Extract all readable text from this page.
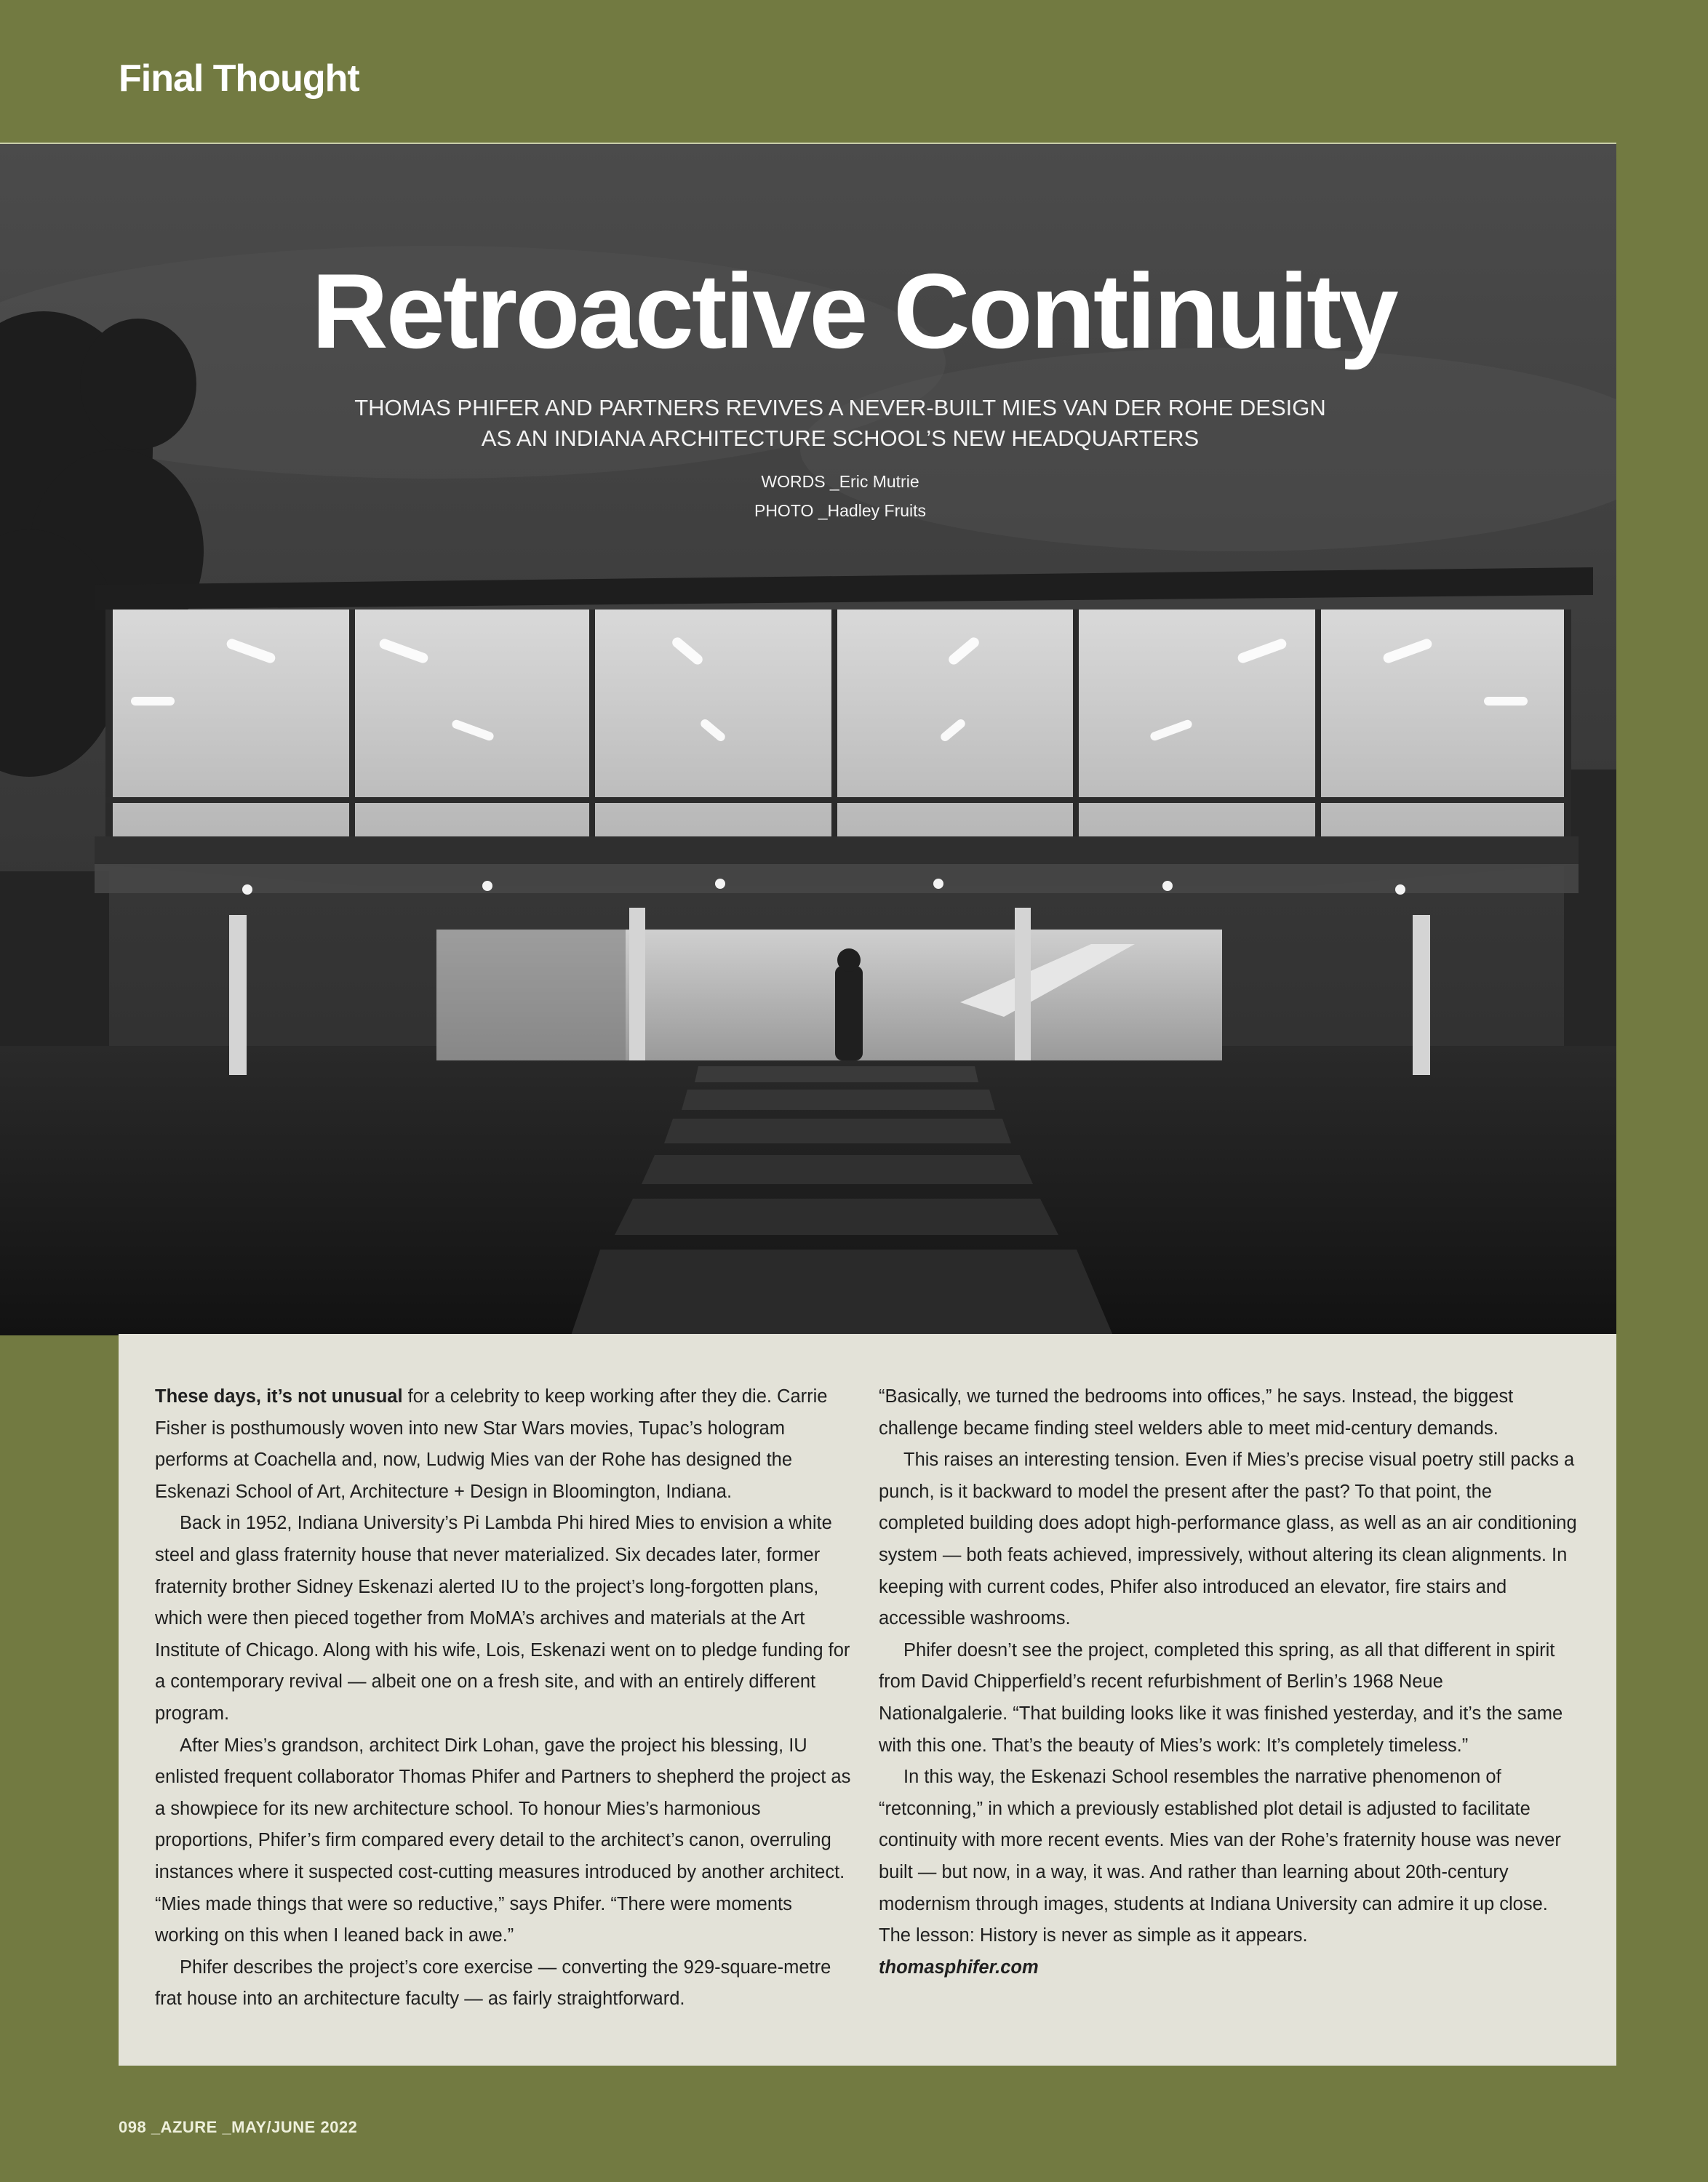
Final Thought
Retroactive Continuity
THOMAS PHIFER AND PARTNERS REVIVES A NEVER-BUILT MIES VAN DER ROHE DESIGN
AS AN INDIANA ARCHITECTURE SCHOOL’S NEW HEADQUARTERS
WORDS _Eric Mutrie
PHOTO _Hadley Fruits

These days, it’s not unusual for a celebrity to keep working after they die. Carrie Fisher is posthumously woven into new Star Wars movies, Tupac’s hologram performs at Coachella and, now, Ludwig Mies van der Rohe has designed the Eskenazi School of Art, Architecture + Design in Bloomington, Indiana.

Back in 1952, Indiana University’s Pi Lambda Phi hired Mies to envision a white steel and glass fraternity house that never materialized. Six decades later, former fraternity brother Sidney Eskenazi alerted IU to the project’s long-forgotten plans, which were then pieced together from MoMA’s archives and materials at the Art Institute of Chicago. Along with his wife, Lois, Eskenazi went on to pledge funding for a contemporary revival — albeit one on a fresh site, and with an entirely different program.

After Mies’s grandson, architect Dirk Lohan, gave the project his blessing, IU enlisted frequent collaborator Thomas Phifer and Partners to shepherd the project as a showpiece for its new architecture school. To honour Mies’s harmonious proportions, Phifer’s firm compared every detail to the architect’s canon, overruling instances where it suspected cost-cutting measures introduced by another architect. “Mies made things that were so reductive,” says Phifer. “There were moments working on this when I leaned back in awe.”

Phifer describes the project’s core exercise — converting the 929-square-metre frat house into an architecture faculty — as fairly straightforward.

“Basically, we turned the bedrooms into offices,” he says. Instead, the biggest challenge became finding steel welders able to meet mid-century demands.

This raises an interesting tension. Even if Mies’s precise visual poetry still packs a punch, is it backward to model the present after the past? To that point, the completed building does adopt high-performance glass, as well as an air conditioning system — both feats achieved, impressively, without altering its clean alignments. In keeping with current codes, Phifer also introduced an elevator, fire stairs and accessible washrooms.

Phifer doesn’t see the project, completed this spring, as all that different in spirit from David Chipperfield’s recent refurbishment of Berlin’s 1968 Neue Nationalgalerie. “That building looks like it was finished yesterday, and it’s the same with this one. That’s the beauty of Mies’s work: It’s completely timeless.”

In this way, the Eskenazi School resembles the narrative phenomenon of “retconning,” in which a previously established plot detail is adjusted to facilitate continuity with more recent events. Mies van der Rohe’s fraternity house was never built — but now, in a way, it was. And rather than learning about 20th-century modernism through images, students at Indiana University can admire it up close. The lesson: History is never as simple as it appears.

thomasphifer.com

098 _AZURE _MAY/JUNE 2022
